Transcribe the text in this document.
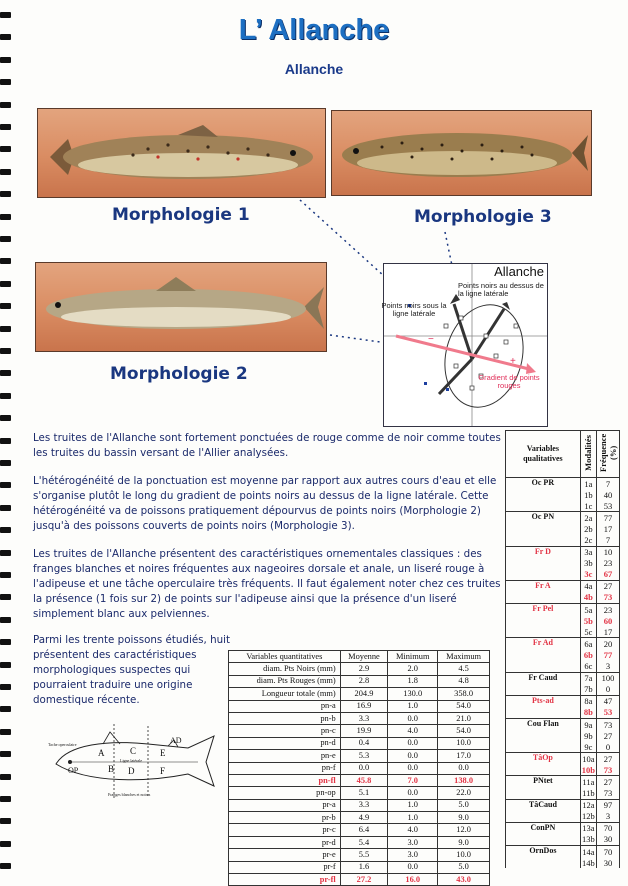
L’ Allanche
Allanche
Morphologie 1	Morphologie 3
Morphologie 2
+
−
Allanche
Points noirs au dessus de la ligne latérale
Points noirs sous la ligne latérale
Gradient de points rouges
Les truites de l'Allanche sont fortement ponctuées de rouge comme de noir comme toutes les truites du bassin versant de l'Allier analysées.
L'hétérogénéité de la ponctuation est moyenne par rapport aux autres cours d'eau et elle s'organise plutôt le long du gradient de points noirs au dessus de la ligne latérale. Cette hétérogénéité va de poissons pratiquement dépourvus de points noirs (Morphologie 2) jusqu'à des poissons couverts de points noirs (Morphologie 3).
Les truites de l'Allanche présentent des caractéristiques ornementales classiques : des franges blanches et noires fréquentes aux nageoires dorsale et anale, un liseré rouge à l'adipeuse et une tâche operculaire très fréquents. Il faut également noter chez ces truites la présence (1 fois sur 2) de points sur l'adipeuse ainsi que la présence d'un liseré simplement blanc aux pelviennes.
Parmi les trente poissons étudiés, huit présentent des caractéristiques morphologiques suspectes qui pourraient traduire une origine domestique récente.
Variables quantitatives	Moyenne	Minimum	Maximum
diam. Pts Noirs (mm)	2.9	2.0	4.5
diam. Pts Rouges (mm)	2.8	1.8	4.8
Longueur totale (mm)	204.9	130.0	358.0
pn-a	16.9	1.0	54.0
pn-b	3.3	0.0	21.0
pn-c	19.9	4.0	54.0
pn-d	0.4	0.0	10.0
pn-e	5.3	0.0	17.0
pn-f	0.0	0.0	0.0
pn-fl	45.8	7.0	138.0
pn-op	5.1	0.0	22.0
pr-a	3.3	1.0	5.0
pr-b	4.9	1.0	9.0
pr-c	6.4	4.0	12.0
pr-d	5.4	3.0	9.0
pr-e	5.5	3.0	10.0
pr-f	1.6	0.0	5.0
pr-fl	27.2	16.0	43.0
Variables qualitatives	Modalités	Fréquence (%)
Oc PR	1a	7
	1b	40
	1c	53
Oc PN	2a	77
	2b	17
	2c	7
Fr D	3a	10
	3b	23
	3c	67
Fr A	4a	27
	4b	73
Fr Pel	5a	23
	5b	60
	5c	17
Fr Ad	6a	20
	6b	77
	6c	3
Fr Caud	7a	100
	7b	0
Pts-ad	8a	47
	8b	53
Cou Flan	9a	73
	9b	27
	9c	0
TâOp	10a	27
	10b	73
PNtet	11a	27
	11b	73
TâCaud	12a	97
	12b	3
ConPN	13a	70
	13b	30
OrnDos	14a	70
	14b	30
A
B
C
D
E
F
AD
OP
Tache operculaire
Ligne latérale
Franges blanches et noires
